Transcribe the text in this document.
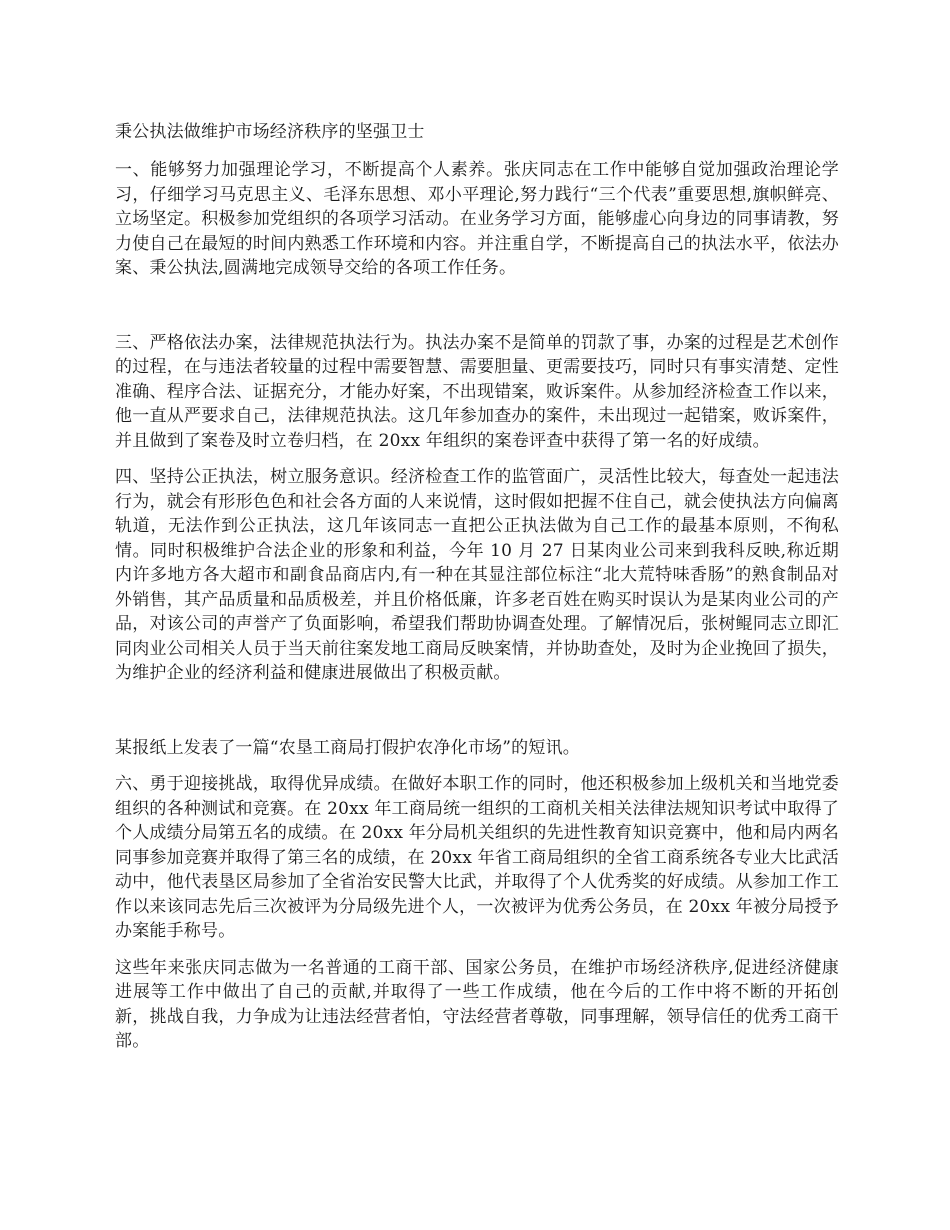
秉公执法做维护市场经济秩序的坚强卫士

一、能够努力加强理论学习，不断提高个人素养。张庆同志在工作中能够自觉加强政治理论学习，仔细学习马克思主义、毛泽东思想、邓小平理论,努力践行“三个代表”重要思想,旗帜鲜亮、立场坚定。积极参加党组织的各项学习活动。在业务学习方面，能够虚心向身边的同事请教，努力使自己在最短的时间内熟悉工作环境和内容。并注重自学，不断提高自己的执法水平，依法办案、秉公执法,圆满地完成领导交给的各项工作任务。

三、严格依法办案，法律规范执法行为。执法办案不是简单的罚款了事，办案的过程是艺术创作的过程，在与违法者较量的过程中需要智慧、需要胆量、更需要技巧，同时只有事实清楚、定性准确、程序合法、证据充分，才能办好案，不出现错案，败诉案件。从参加经济检查工作以来，他一直从严要求自己，法律规范执法。这几年参加查办的案件，未出现过一起错案，败诉案件，并且做到了案卷及时立卷归档，在 20xx 年组织的案卷评查中获得了第一名的好成绩。

四、坚持公正执法，树立服务意识。经济检查工作的监管面广，灵活性比较大，每查处一起违法行为，就会有形形色色和社会各方面的人来说情，这时假如把握不住自己，就会使执法方向偏离轨道，无法作到公正执法，这几年该同志一直把公正执法做为自己工作的最基本原则，不徇私情。同时积极维护合法企业的形象和利益，今年 10 月 27 日某肉业公司来到我科反映,称近期内许多地方各大超市和副食品商店内,有一种在其显注部位标注“北大荒特味香肠”的熟食制品对外销售，其产品质量和品质极差，并且价格低廉，许多老百姓在购买时误认为是某肉业公司的产品，对该公司的声誉产了负面影响，希望我们帮助协调查处理。了解情况后，张树鲲同志立即汇同肉业公司相关人员于当天前往案发地工商局反映案情，并协助查处，及时为企业挽回了损失，为维护企业的经济利益和健康进展做出了积极贡献。

某报纸上发表了一篇“农垦工商局打假护农净化市场”的短讯。

六、勇于迎接挑战，取得优异成绩。在做好本职工作的同时，他还积极参加上级机关和当地党委组织的各种测试和竞赛。在 20xx 年工商局统一组织的工商机关相关法律法规知识考试中取得了个人成绩分局第五名的成绩。在 20xx 年分局机关组织的先进性教育知识竞赛中，他和局内两名同事参加竞赛并取得了第三名的成绩，在 20xx 年省工商局组织的全省工商系统各专业大比武活动中，他代表垦区局参加了全省治安民警大比武，并取得了个人优秀奖的好成绩。从参加工作工作以来该同志先后三次被评为分局级先进个人，一次被评为优秀公务员，在 20xx 年被分局授予办案能手称号。

这些年来张庆同志做为一名普通的工商干部、国家公务员，在维护市场经济秩序,促进经济健康进展等工作中做出了自己的贡献,并取得了一些工作成绩，他在今后的工作中将不断的开拓创新，挑战自我，力争成为让违法经营者怕，守法经营者尊敬，同事理解，领导信任的优秀工商干部。
